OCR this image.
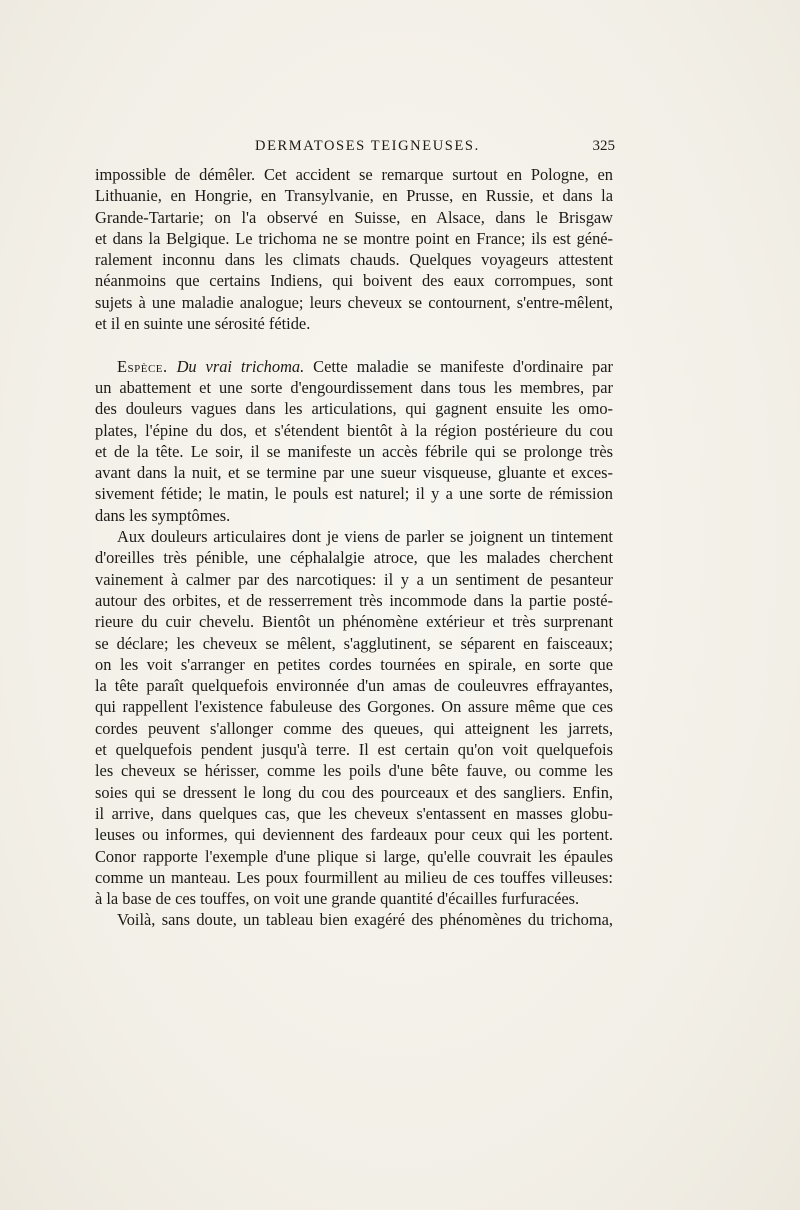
DERMATOSES TEIGNEUSES.	325
impossible de démêler. Cet accident se remarque surtout en Pologne, en
Lithuanie, en Hongrie, en Transylvanie, en Prusse, en Russie, et dans la
Grande-Tartarie; on l'a observé en Suisse, en Alsace, dans le Brisgaw
et dans la Belgique. Le trichoma ne se montre point en France; ils est géné-
ralement inconnu dans les climats chauds. Quelques voyageurs attestent
néanmoins que certains Indiens, qui boivent des eaux corrompues, sont
sujets à une maladie analogue; leurs cheveux se contournent, s'entre-mêlent,
et il en suinte une sérosité fétide.
Espèce. Du vrai trichoma. Cette maladie se manifeste d'ordinaire par
un abattement et une sorte d'engourdissement dans tous les membres, par
des douleurs vagues dans les articulations, qui gagnent ensuite les omo-
plates, l'épine du dos, et s'étendent bientôt à la région postérieure du cou
et de la tête. Le soir, il se manifeste un accès fébrile qui se prolonge très
avant dans la nuit, et se termine par une sueur visqueuse, gluante et exces-
sivement fétide; le matin, le pouls est naturel; il y a une sorte de rémission
dans les symptômes.
Aux douleurs articulaires dont je viens de parler se joignent un tintement
d'oreilles très pénible, une céphalalgie atroce, que les malades cherchent
vainement à calmer par des narcotiques: il y a un sentiment de pesanteur
autour des orbites, et de resserrement très incommode dans la partie posté-
rieure du cuir chevelu. Bientôt un phénomène extérieur et très surprenant
se déclare; les cheveux se mêlent, s'agglutinent, se séparent en faisceaux;
on les voit s'arranger en petites cordes tournées en spirale, en sorte que
la tête paraît quelquefois environnée d'un amas de couleuvres effrayantes,
qui rappellent l'existence fabuleuse des Gorgones. On assure même que ces
cordes peuvent s'allonger comme des queues, qui atteignent les jarrets,
et quelquefois pendent jusqu'à terre. Il est certain qu'on voit quelquefois
les cheveux se hérisser, comme les poils d'une bête fauve, ou comme les
soies qui se dressent le long du cou des pourceaux et des sangliers. Enfin,
il arrive, dans quelques cas, que les cheveux s'entassent en masses globu-
leuses ou informes, qui deviennent des fardeaux pour ceux qui les portent.
Conor rapporte l'exemple d'une plique si large, qu'elle couvrait les épaules
comme un manteau. Les poux fourmillent au milieu de ces touffes villeuses:
à la base de ces touffes, on voit une grande quantité d'écailles furfuracées.
Voilà, sans doute, un tableau bien exagéré des phénomènes du trichoma,
